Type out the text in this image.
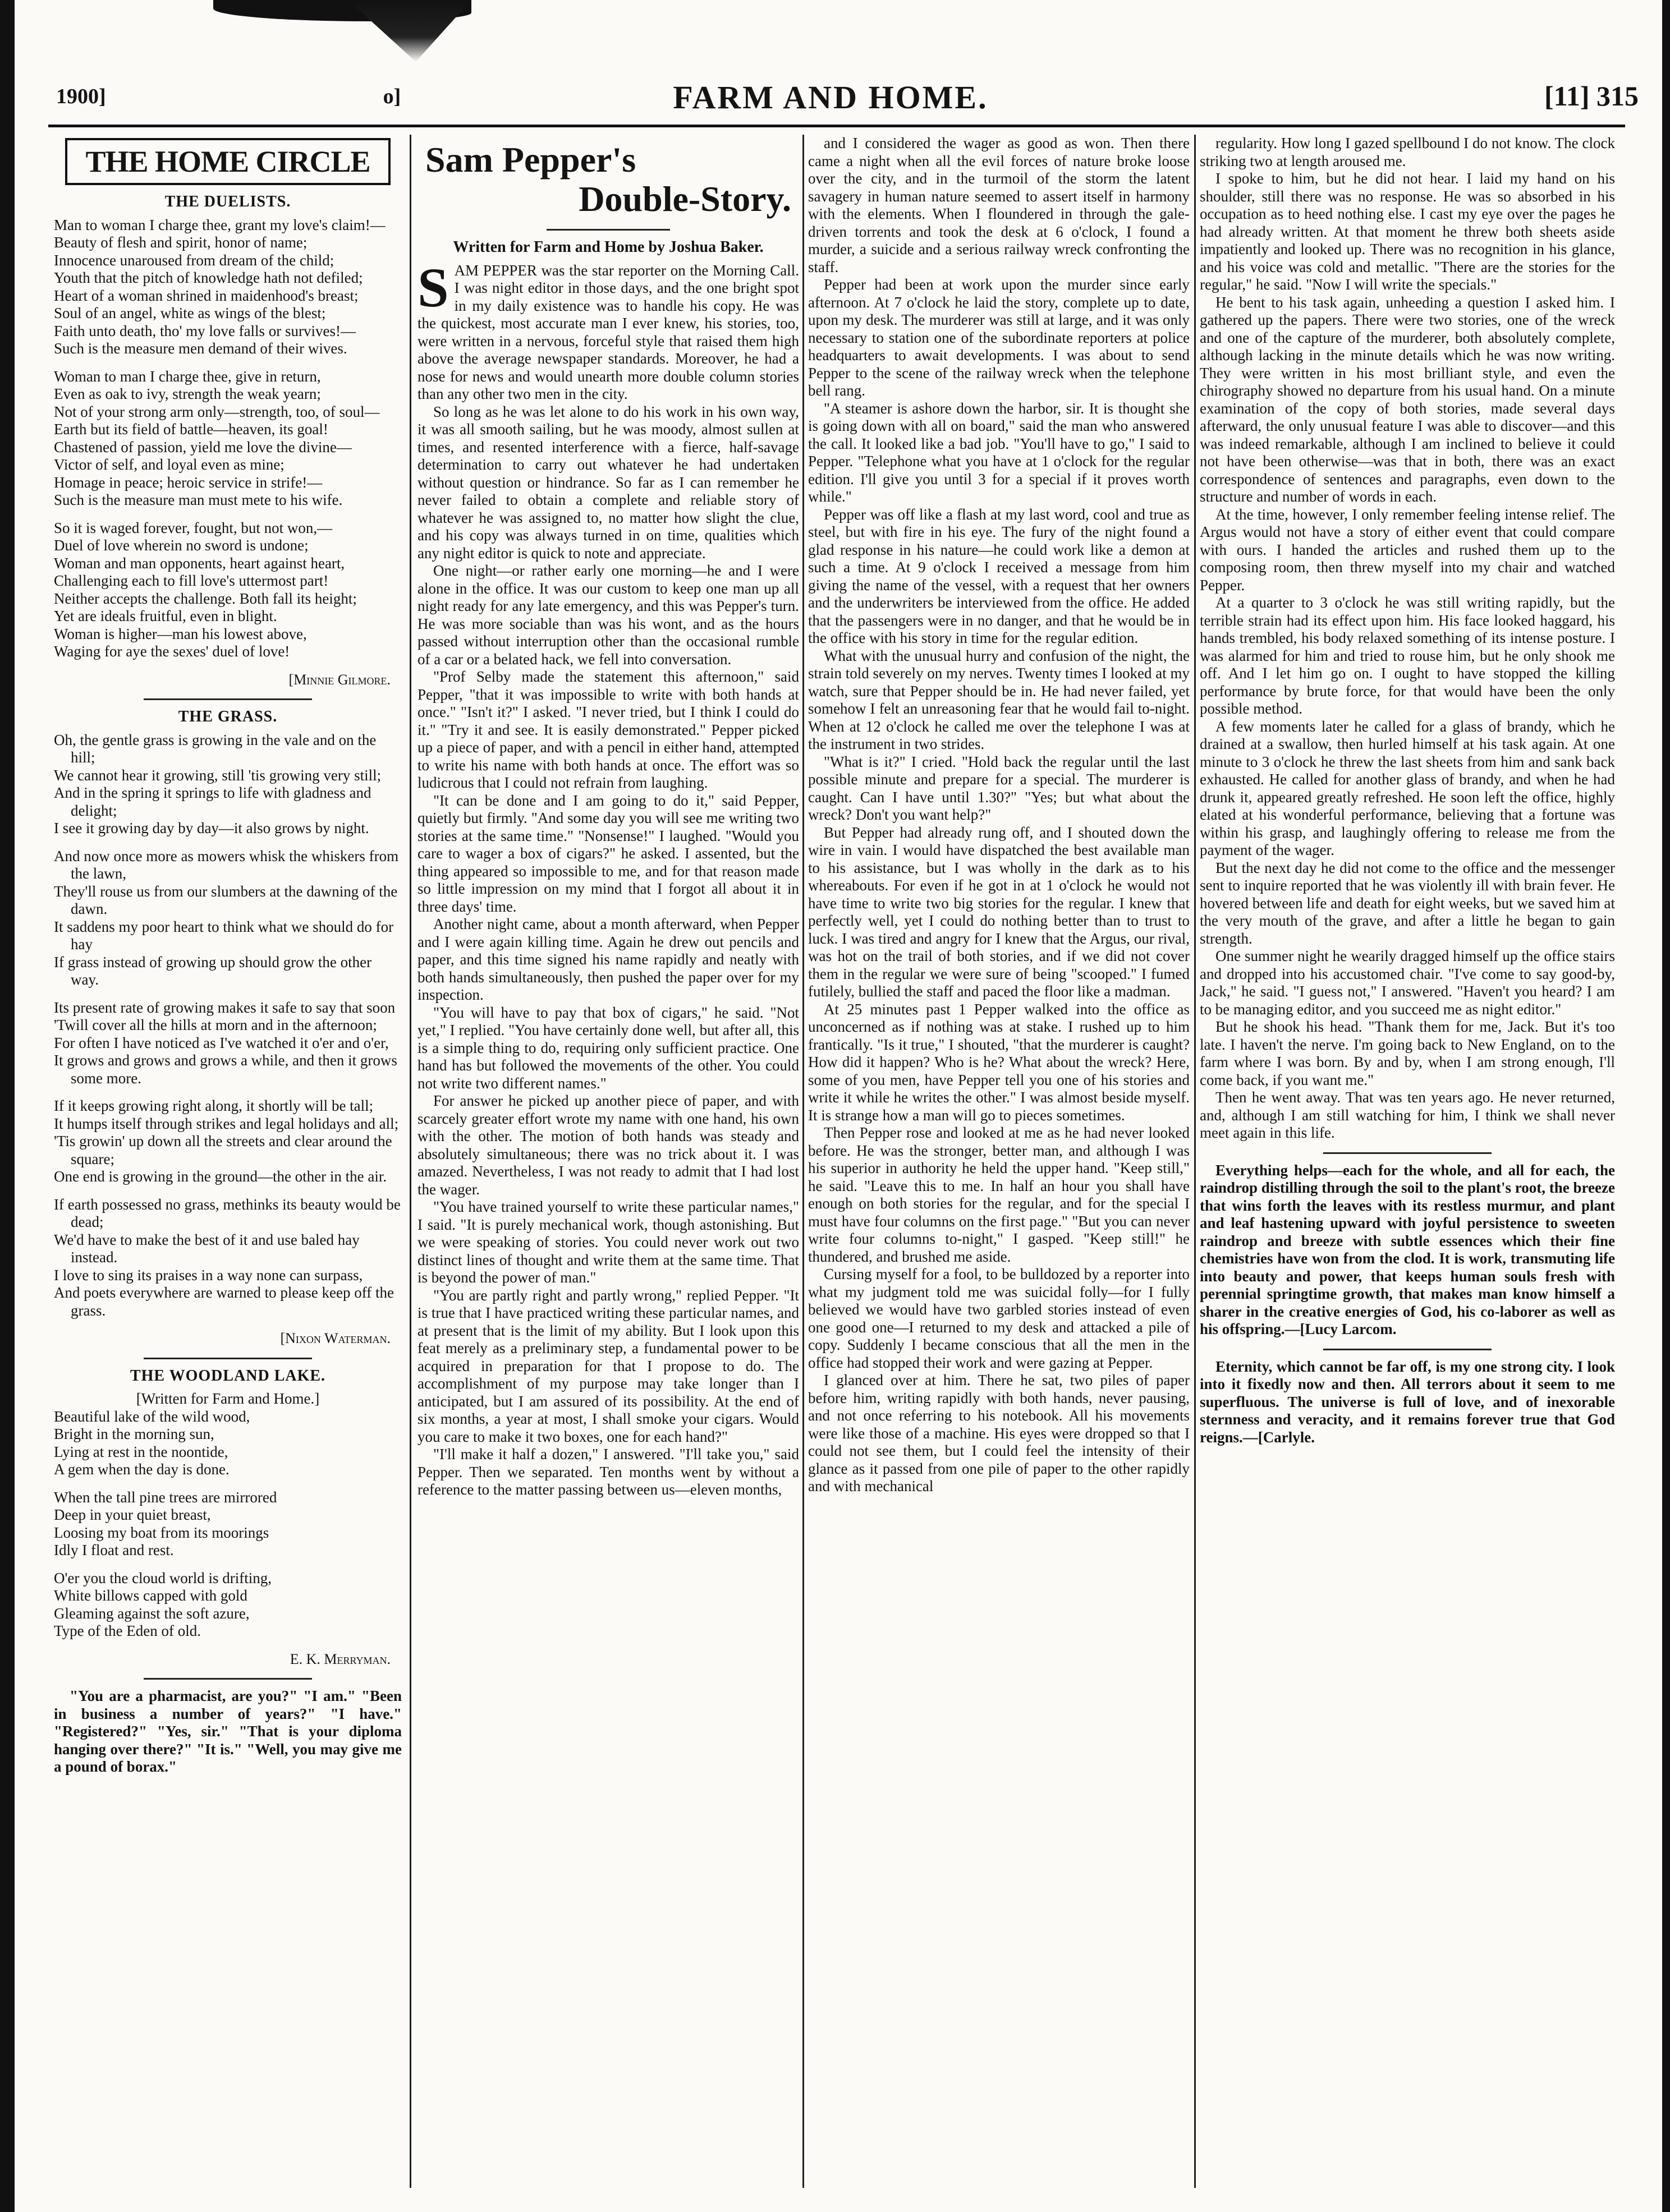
1900]	o]	FARM AND HOME.	[11] 315
THE HOME CIRCLE
THE DUELISTS.

Man to woman I charge thee, grant my love's claim!—

Beauty of flesh and spirit, honor of name;

Innocence unaroused from dream of the child;

Youth that the pitch of knowledge hath not defiled;

Heart of a woman shrined in maidenhood's breast;

Soul of an angel, white as wings of the blest;

Faith unto death, tho' my love falls or survives!—

Such is the measure men demand of their wives.

Woman to man I charge thee, give in return,

Even as oak to ivy, strength the weak yearn;

Not of your strong arm only—strength, too, of soul—

Earth but its field of battle—heaven, its goal!

Chastened of passion, yield me love the divine—

Victor of self, and loyal even as mine;

Homage in peace; heroic service in strife!—

Such is the measure man must mete to his wife.

So it is waged forever, fought, but not won,—

Duel of love wherein no sword is undone;

Woman and man opponents, heart against heart,

Challenging each to fill love's uttermost part!

Neither accepts the challenge. Both fall its height;

Yet are ideals fruitful, even in blight.

Woman is higher—man his lowest above,

Waging for aye the sexes' duel of love!

[Minnie Gilmore.
THE GRASS.

Oh, the gentle grass is growing in the vale and on the hill;

We cannot hear it growing, still 'tis growing very still;

And in the spring it springs to life with gladness and delight;

I see it growing day by day—it also grows by night.

And now once more as mowers whisk the whiskers from the lawn,

They'll rouse us from our slumbers at the dawning of the dawn.

It saddens my poor heart to think what we should do for hay

If grass instead of growing up should grow the other way.

Its present rate of growing makes it safe to say that soon

'Twill cover all the hills at morn and in the afternoon;

For often I have noticed as I've watched it o'er and o'er,

It grows and grows and grows a while, and then it grows some more.

If it keeps growing right along, it shortly will be tall;

It humps itself through strikes and legal holidays and all;

'Tis growin' up down all the streets and clear around the square;

One end is growing in the ground—the other in the air.

If earth possessed no grass, methinks its beauty would be dead;

We'd have to make the best of it and use baled hay instead.

I love to sing its praises in a way none can surpass,

And poets everywhere are warned to please keep off the grass.

[Nixon Waterman.
THE WOODLAND LAKE.
[Written for Farm and Home.]

Beautiful lake of the wild wood,

Bright in the morning sun,

Lying at rest in the noontide,

A gem when the day is done.

When the tall pine trees are mirrored

Deep in your quiet breast,

Loosing my boat from its moorings

Idly I float and rest.

O'er you the cloud world is drifting,

White billows capped with gold

Gleaming against the soft azure,

Type of the Eden of old.

E. K. Merryman.

"You are a pharmacist, are you?" "I am." "Been in business a number of years?" "I have." "Registered?" "Yes, sir." "That is your diploma hanging over there?" "It is." "Well, you may give me a pound of borax."

Sam Pepper's
Double-Story.
Written for Farm and Home by Joshua Baker.

SAM PEPPER was the star reporter on the Morning Call. I was night editor in those days, and the one bright spot in my daily existence was to handle his copy. He was the quickest, most accurate man I ever knew, his stories, too, were written in a nervous, forceful style that raised them high above the average newspaper standards. Moreover, he had a nose for news and would unearth more double column stories than any other two men in the city.

So long as he was let alone to do his work in his own way, it was all smooth sailing, but he was moody, almost sullen at times, and resented interference with a fierce, half-savage determination to carry out whatever he had undertaken without question or hindrance. So far as I can remember he never failed to obtain a complete and reliable story of whatever he was assigned to, no matter how slight the clue, and his copy was always turned in on time, qualities which any night editor is quick to note and appreciate.

One night—or rather early one morning—he and I were alone in the office. It was our custom to keep one man up all night ready for any late emergency, and this was Pepper's turn. He was more sociable than was his wont, and as the hours passed without interruption other than the occasional rumble of a car or a belated hack, we fell into conversation.

"Prof Selby made the statement this afternoon," said Pepper, "that it was impossible to write with both hands at once." "Isn't it?" I asked. "I never tried, but I think I could do it." "Try it and see. It is easily demonstrated." Pepper picked up a piece of paper, and with a pencil in either hand, attempted to write his name with both hands at once. The effort was so ludicrous that I could not refrain from laughing.

"It can be done and I am going to do it," said Pepper, quietly but firmly. "And some day you will see me writing two stories at the same time." "Nonsense!" I laughed. "Would you care to wager a box of cigars?" he asked. I assented, but the thing appeared so impossible to me, and for that reason made so little impression on my mind that I forgot all about it in three days' time.

Another night came, about a month afterward, when Pepper and I were again killing time. Again he drew out pencils and paper, and this time signed his name rapidly and neatly with both hands simultaneously, then pushed the paper over for my inspection.

"You will have to pay that box of cigars," he said. "Not yet," I replied. "You have certainly done well, but after all, this is a simple thing to do, requiring only sufficient practice. One hand has but followed the movements of the other. You could not write two different names."

For answer he picked up another piece of paper, and with scarcely greater effort wrote my name with one hand, his own with the other. The motion of both hands was steady and absolutely simultaneous; there was no trick about it. I was amazed. Nevertheless, I was not ready to admit that I had lost the wager.

"You have trained yourself to write these particular names," I said. "It is purely mechanical work, though astonishing. But we were speaking of stories. You could never work out two distinct lines of thought and write them at the same time. That is beyond the power of man."

"You are partly right and partly wrong," replied Pepper. "It is true that I have practiced writing these particular names, and at present that is the limit of my ability. But I look upon this feat merely as a preliminary step, a fundamental power to be acquired in preparation for that I propose to do. The accomplishment of my purpose may take longer than I anticipated, but I am assured of its possibility. At the end of six months, a year at most, I shall smoke your cigars. Would you care to make it two boxes, one for each hand?"

"I'll make it half a dozen," I answered. "I'll take you," said Pepper. Then we separated. Ten months went by without a reference to the matter passing between us—eleven months,

and I considered the wager as good as won. Then there came a night when all the evil forces of nature broke loose over the city, and in the turmoil of the storm the latent savagery in human nature seemed to assert itself in harmony with the elements. When I floundered in through the gale-driven torrents and took the desk at 6 o'clock, I found a murder, a suicide and a serious railway wreck confronting the staff.

Pepper had been at work upon the murder since early afternoon. At 7 o'clock he laid the story, complete up to date, upon my desk. The murderer was still at large, and it was only necessary to station one of the subordinate reporters at police headquarters to await developments. I was about to send Pepper to the scene of the railway wreck when the telephone bell rang.

"A steamer is ashore down the harbor, sir. It is thought she is going down with all on board," said the man who answered the call. It looked like a bad job. "You'll have to go," I said to Pepper. "Telephone what you have at 1 o'clock for the regular edition. I'll give you until 3 for a special if it proves worth while."

Pepper was off like a flash at my last word, cool and true as steel, but with fire in his eye. The fury of the night found a glad response in his nature—he could work like a demon at such a time. At 9 o'clock I received a message from him giving the name of the vessel, with a request that her owners and the underwriters be interviewed from the office. He added that the passengers were in no danger, and that he would be in the office with his story in time for the regular edition.

What with the unusual hurry and confusion of the night, the strain told severely on my nerves. Twenty times I looked at my watch, sure that Pepper should be in. He had never failed, yet somehow I felt an unreasoning fear that he would fail to-night. When at 12 o'clock he called me over the telephone I was at the instrument in two strides.

"What is it?" I cried. "Hold back the regular until the last possible minute and prepare for a special. The murderer is caught. Can I have until 1.30?" "Yes; but what about the wreck? Don't you want help?"

But Pepper had already rung off, and I shouted down the wire in vain. I would have dispatched the best available man to his assistance, but I was wholly in the dark as to his whereabouts. For even if he got in at 1 o'clock he would not have time to write two big stories for the regular. I knew that perfectly well, yet I could do nothing better than to trust to luck. I was tired and angry for I knew that the Argus, our rival, was hot on the trail of both stories, and if we did not cover them in the regular we were sure of being "scooped." I fumed futilely, bullied the staff and paced the floor like a madman.

At 25 minutes past 1 Pepper walked into the office as unconcerned as if nothing was at stake. I rushed up to him frantically. "Is it true," I shouted, "that the murderer is caught? How did it happen? Who is he? What about the wreck? Here, some of you men, have Pepper tell you one of his stories and write it while he writes the other." I was almost beside myself. It is strange how a man will go to pieces sometimes.

Then Pepper rose and looked at me as he had never looked before. He was the stronger, better man, and although I was his superior in authority he held the upper hand. "Keep still," he said. "Leave this to me. In half an hour you shall have enough on both stories for the regular, and for the special I must have four columns on the first page." "But you can never write four columns to-night," I gasped. "Keep still!" he thundered, and brushed me aside.

Cursing myself for a fool, to be bulldozed by a reporter into what my judgment told me was suicidal folly—for I fully believed we would have two garbled stories instead of even one good one—I returned to my desk and attacked a pile of copy. Suddenly I became conscious that all the men in the office had stopped their work and were gazing at Pepper.

I glanced over at him. There he sat, two piles of paper before him, writing rapidly with both hands, never pausing, and not once referring to his notebook. All his movements were like those of a machine. His eyes were dropped so that I could not see them, but I could feel the intensity of their glance as it passed from one pile of paper to the other rapidly and with mechanical

regularity. How long I gazed spellbound I do not know. The clock striking two at length aroused me.

I spoke to him, but he did not hear. I laid my hand on his shoulder, still there was no response. He was so absorbed in his occupation as to heed nothing else. I cast my eye over the pages he had already written. At that moment he threw both sheets aside impatiently and looked up. There was no recognition in his glance, and his voice was cold and metallic. "There are the stories for the regular," he said. "Now I will write the specials."

He bent to his task again, unheeding a question I asked him. I gathered up the papers. There were two stories, one of the wreck and one of the capture of the murderer, both absolutely complete, although lacking in the minute details which he was now writing. They were written in his most brilliant style, and even the chirography showed no departure from his usual hand. On a minute examination of the copy of both stories, made several days afterward, the only unusual feature I was able to discover—and this was indeed remarkable, although I am inclined to believe it could not have been otherwise—was that in both, there was an exact correspondence of sentences and paragraphs, even down to the structure and number of words in each.

At the time, however, I only remember feeling intense relief. The Argus would not have a story of either event that could compare with ours. I handed the articles and rushed them up to the composing room, then threw myself into my chair and watched Pepper.

At a quarter to 3 o'clock he was still writing rapidly, but the terrible strain had its effect upon him. His face looked haggard, his hands trembled, his body relaxed something of its intense posture. I was alarmed for him and tried to rouse him, but he only shook me off. And I let him go on. I ought to have stopped the killing performance by brute force, for that would have been the only possible method.

A few moments later he called for a glass of brandy, which he drained at a swallow, then hurled himself at his task again. At one minute to 3 o'clock he threw the last sheets from him and sank back exhausted. He called for another glass of brandy, and when he had drunk it, appeared greatly refreshed. He soon left the office, highly elated at his wonderful performance, believing that a fortune was within his grasp, and laughingly offering to release me from the payment of the wager.

But the next day he did not come to the office and the messenger sent to inquire reported that he was violently ill with brain fever. He hovered between life and death for eight weeks, but we saved him at the very mouth of the grave, and after a little he began to gain strength.

One summer night he wearily dragged himself up the office stairs and dropped into his accustomed chair. "I've come to say good-by, Jack," he said. "I guess not," I answered. "Haven't you heard? I am to be managing editor, and you succeed me as night editor."

But he shook his head. "Thank them for me, Jack. But it's too late. I haven't the nerve. I'm going back to New England, on to the farm where I was born. By and by, when I am strong enough, I'll come back, if you want me."

Then he went away. That was ten years ago. He never returned, and, although I am still watching for him, I think we shall never meet again in this life.

Everything helps—each for the whole, and all for each, the raindrop distilling through the soil to the plant's root, the breeze that wins forth the leaves with its restless murmur, and plant and leaf hastening upward with joyful persistence to sweeten raindrop and breeze with subtle essences which their fine chemistries have won from the clod. It is work, transmuting life into beauty and power, that keeps human souls fresh with perennial springtime growth, that makes man know himself a sharer in the creative energies of God, his co-laborer as well as his offspring.—[Lucy Larcom.

Eternity, which cannot be far off, is my one strong city. I look into it fixedly now and then. All terrors about it seem to me superfluous. The universe is full of love, and of inexorable sternness and veracity, and it remains forever true that God reigns.—[Carlyle.
